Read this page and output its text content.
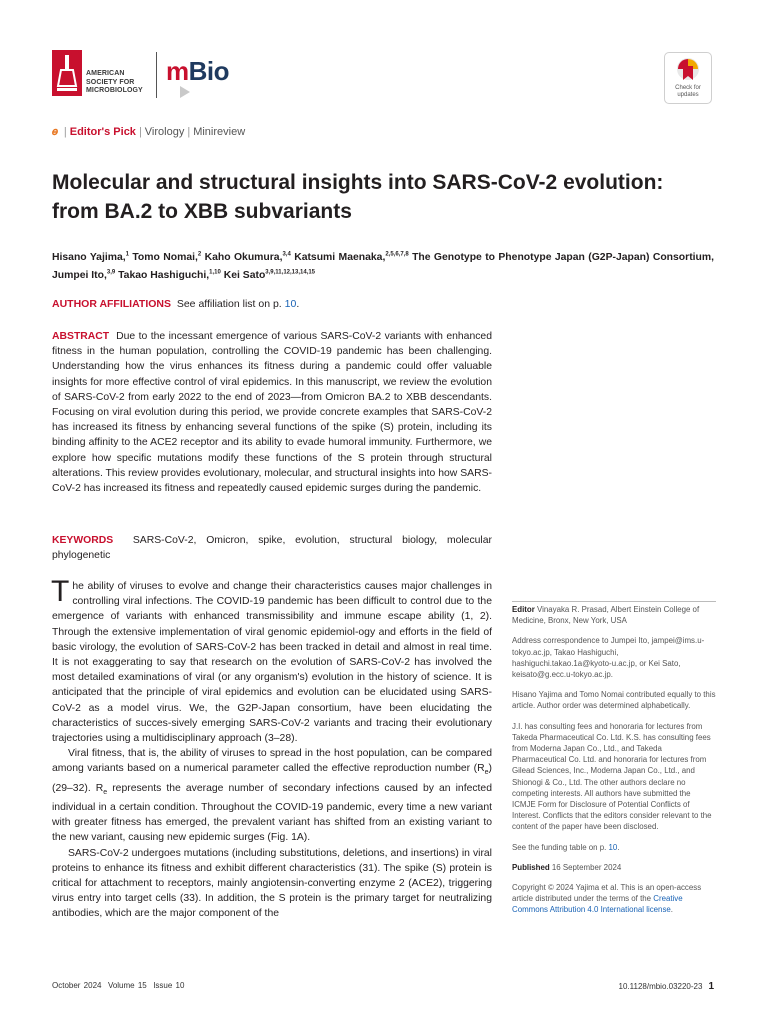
AMERICAN
SOCIETY FOR
MICROBIOLOGY
mBio
Check for updates
𝑒 | Editor's Pick | Virology | Minireview
Molecular and structural insights into SARS-CoV-2 evolution: from BA.2 to XBB subvariants
Hisano Yajima,$^1$ Tomo Nomai,$^2$ Kaho Okumura,$^{3,4}$ Katsumi Maenaka,$^{2,5,6,7,8}$ The Genotype to Phenotype Japan (G2P-Japan) Consortium, Jumpei Ito,$^{3,9}$ Takao Hashiguchi,$^{1,10}$ Kei Sato$^{3,9,11,12,13,14,15}$
AUTHOR AFFILIATIONS See affiliation list on p. 10.
ABSTRACT Due to the incessant emergence of various SARS-CoV-2 variants with enhanced fitness in the human population, controlling the COVID-19 pandemic has been challenging. Understanding how the virus enhances its fitness during a pandemic could offer valuable insights for more effective control of viral epidemics. In this manuscript, we review the evolution of SARS-CoV-2 from early 2022 to the end of 2023—from Omicron BA.2 to XBB descendants. Focusing on viral evolution during this period, we provide concrete examples that SARS-CoV-2 has increased its fitness by enhancing several functions of the spike (S) protein, including its binding affinity to the ACE2 receptor and its ability to evade humoral immunity. Furthermore, we explore how specific mutations modify these functions of the S protein through structural alterations. This review provides evolutionary, molecular, and structural insights into how SARS-CoV-2 has increased its fitness and repeatedly caused epidemic surges during the pandemic.
KEYWORDS SARS-CoV-2, Omicron, spike, evolution, structural biology, molecular phylogenetic

The ability of viruses to evolve and change their characteristics causes major challenges in controlling viral infections. The COVID-19 pandemic has been difficult to control due to the emergence of variants with enhanced transmissibility and immune escape ability (1, 2). Through the extensive implementation of viral genomic epidemiol-ogy and efforts in the field of basic virology, the evolution of SARS-CoV-2 has been tracked in detail and almost in real time. It is not exaggerating to say that research on the evolution of SARS-CoV-2 has involved the most detailed examinations of viral (or any organism's) evolution in the history of science. It is anticipated that the principle of viral epidemics and evolution can be elucidated using SARS-CoV-2 as a model virus. We, the G2P-Japan consortium, have been elucidating the characteristics of succes-sively emerging SARS-CoV-2 variants and tracing their evolutionary trajectories using a multidisciplinary approach (3–28).

Viral fitness, that is, the ability of viruses to spread in the host population, can be compared among variants based on a numerical parameter called the effective reproduction number $(R_e)$ (29–32). $R_e$ represents the average number of secondary infections caused by an infected individual in a certain condition. Throughout the COVID-19 pandemic, every time a new variant with greater fitness has emerged, the prevalent variant has shifted from an existing variant to the new variant, causing new epidemic surges (Fig. 1A).

SARS-CoV-2 undergoes mutations (including substitutions, deletions, and insertions) in viral proteins to enhance its fitness and exhibit different characteristics (31). The spike (S) protein is critical for attachment to receptors, mainly angiotensin-converting enzyme 2 (ACE2), triggering virus entry into target cells (33). In addition, the S protein is the primary target for neutralizing antibodies, which are the major component of the

Editor Vinayaka R. Prasad, Albert Einstein College of Medicine, Bronx, New York, USA

Address correspondence to Jumpei Ito, jampei@ims.u-tokyo.ac.jp, Takao Hashiguchi, hashiguchi.takao.1a@kyoto-u.ac.jp, or Kei Sato, keisato@g.ecc.u-tokyo.ac.jp.

Hisano Yajima and Tomo Nomai contributed equally to this article. Author order was determined alphabetically.

J.I. has consulting fees and honoraria for lectures from Takeda Pharmaceutical Co. Ltd. K.S. has consulting fees from Moderna Japan Co., Ltd., and Takeda Pharmaceutical Co. Ltd. and honoraria for lectures from Gilead Sciences, Inc., Moderna Japan Co., Ltd., and Shionogi & Co., Ltd. The other authors declare no competing interests. All authors have submitted the ICMJE Form for Disclosure of Potential Conflicts of Interest. Conflicts that the editors consider relevant to the content of the paper have been disclosed.

See the funding table on p. 10.

Published 16 September 2024

Copyright © 2024 Yajima et al. This is an open-access article distributed under the terms of the Creative Commons Attribution 4.0 International license.

October 2024 Volume 15 Issue 10	10.1128/mbio.03220-23 1
